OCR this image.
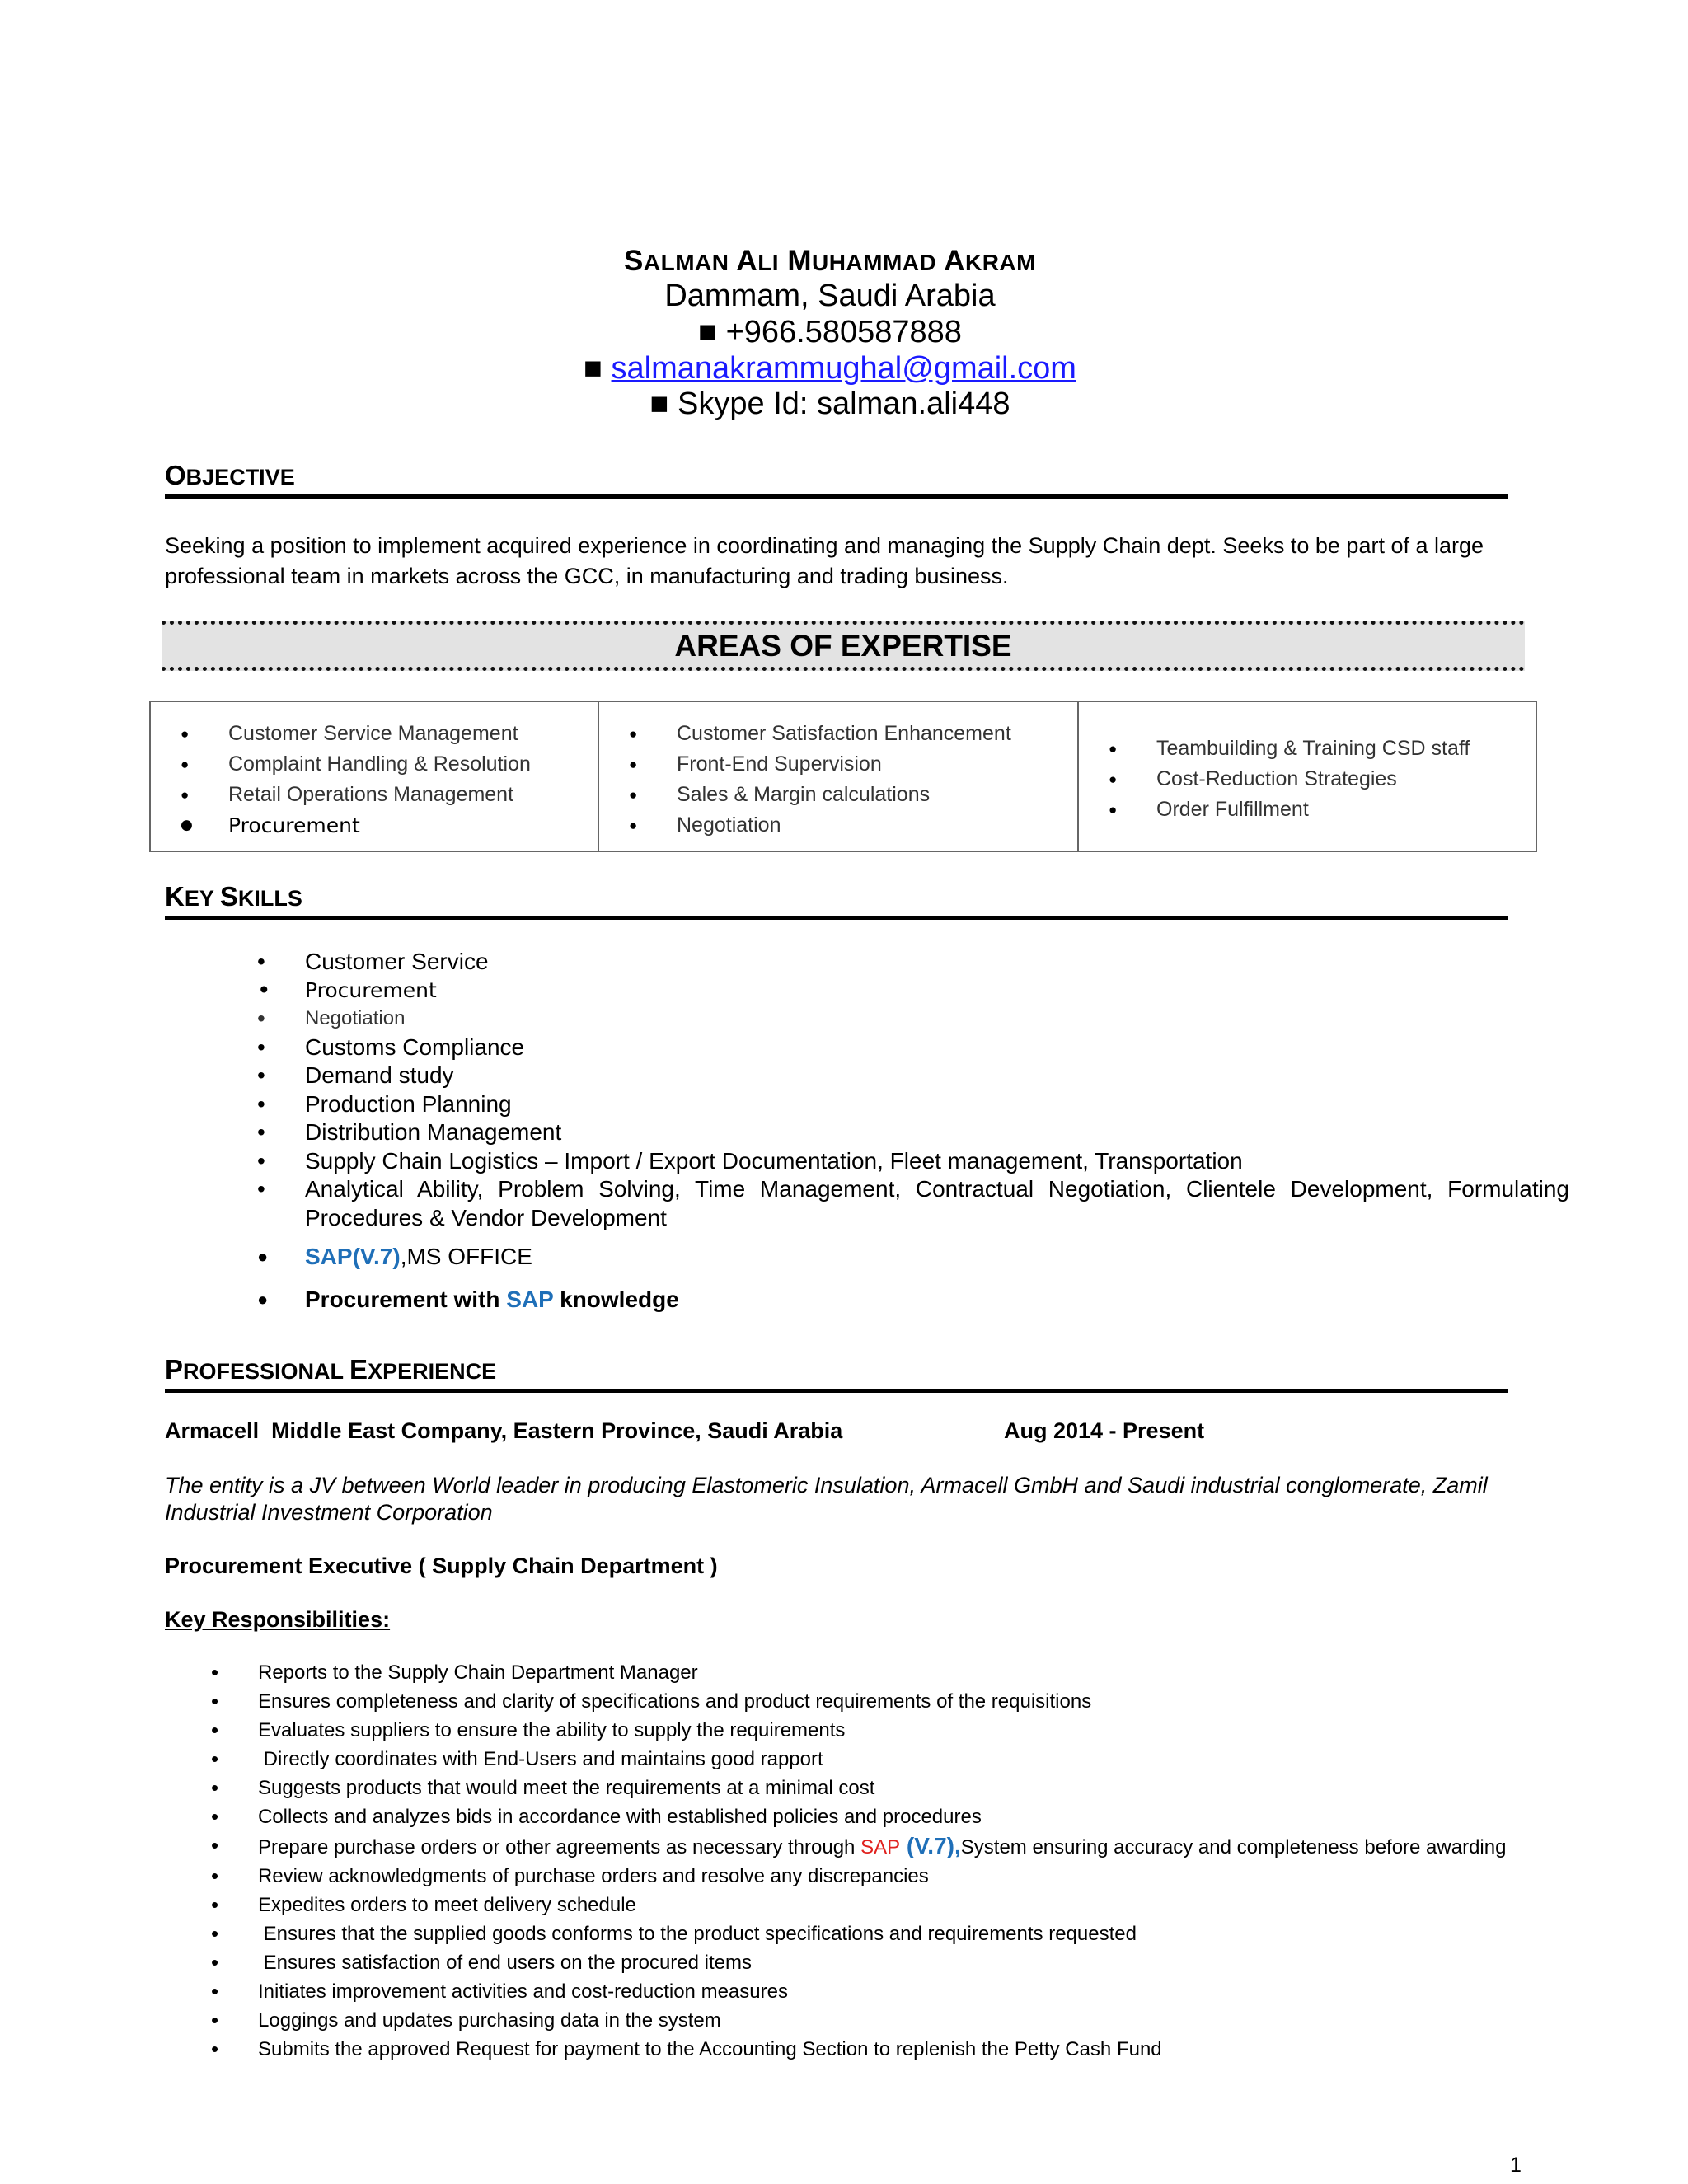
SALMAN ALI MUHAMMAD AKRAM
Dammam, Saudi Arabia
■ +966.580587888
■ salmanakrammughal@gmail.com
■ Skype Id: salman.ali448
OBJECTIVE
Seeking a position to implement acquired experience in coordinating and managing the Supply Chain dept. Seeks to be part of a large professional team in markets across the GCC, in manufacturing and trading business.
AREAS OF EXPERTISE
● Customer Service Management
● Complaint Handling & Resolution
● Retail Operations Management
● Procurement
● Customer Satisfaction Enhancement
● Front-End Supervision
● Sales & Margin calculations
● Negotiation
● Teambuilding & Training CSD staff
● Cost-Reduction Strategies
● Order Fulfillment
KEY SKILLS
• Customer Service
• Procurement
• Negotiation
• Customs Compliance
• Demand study
• Production Planning
• Distribution Management
• Supply Chain Logistics – Import / Export Documentation, Fleet management, Transportation
• Analytical Ability, Problem Solving, Time Management, Contractual Negotiation, Clientele Development, Formulating Procedures & Vendor Development
● SAP(V.7),MS OFFICE
● Procurement with SAP knowledge
PROFESSIONAL EXPERIENCE
Armacell  Middle East Company, Eastern Province, Saudi Arabia	Aug 2014 - Present
The entity is a JV between World leader in producing Elastomeric Insulation, Armacell GmbH and Saudi industrial conglomerate, Zamil Industrial Investment Corporation
Procurement Executive ( Supply Chain Department )
Key Responsibilities:
• Reports to the Supply Chain Department Manager
• Ensures completeness and clarity of specifications and product requirements of the requisitions
• Evaluates suppliers to ensure the ability to supply the requirements
•  Directly coordinates with End-Users and maintains good rapport
• Suggests products that would meet the requirements at a minimal cost
• Collects and analyzes bids in accordance with established policies and procedures
• Prepare purchase orders or other agreements as necessary through SAP (V.7),System ensuring accuracy and completeness before awarding
• Review acknowledgments of purchase orders and resolve any discrepancies
• Expedites orders to meet delivery schedule
•  Ensures that the supplied goods conforms to the product specifications and requirements requested
•  Ensures satisfaction of end users on the procured items
• Initiates improvement activities and cost-reduction measures
• Loggings and updates purchasing data in the system
• Submits the approved Request for payment to the Accounting Section to replenish the Petty Cash Fund
1
